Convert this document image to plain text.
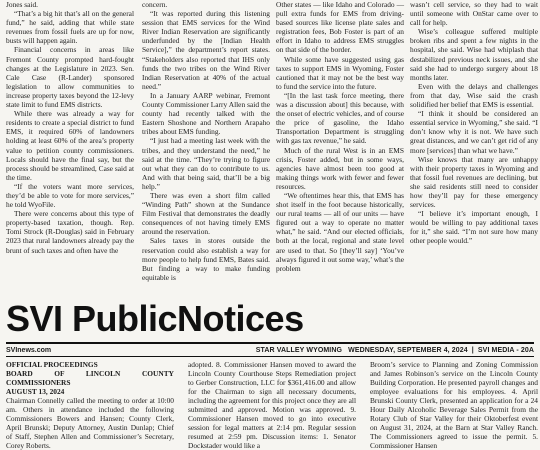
Jones said.

“That’s a big hit that’s all on the general fund,” he said, adding that while state revenues from fossil fuels are up for now, busts will happen again.

Financial concerns in areas like Fremont County prompted hard-fought changes at the Legislature in 2023. Sen. Cale Case (R-Lander) sponsored legislation to allow communities to increase property taxes beyond the 12-levy state limit to fund EMS districts.

While there was already a way for residents to create a special district to fund EMS, it required 60% of landowners holding at least 60% of the area’s property value to petition county commissioners. Locals should have the final say, but the process should be streamlined, Case said at the time.

“If the voters want more services, they’d be able to vote for more services,” he told WyoFile.

There were concerns about this type of property-based taxation, though. Rep. Tomi Strock (R-Douglas) said in February 2023 that rural landowners already pay the brunt of such taxes and often have the

concern.

“It was reported during this listening session that EMS services for the Wind River Indian Reservation are significantly underfunded by the [Indian Health Service],” the department’s report states. “Stakeholders also reported that IHS only funds the two tribes on the Wind River Indian Reservation at 40% of the actual need.”

In a January AARP webinar, Fremont County Commissioner Larry Allen said the county had recently talked with the Eastern Shoshone and Northern Arapaho tribes about EMS funding.

“I just had a meeting last week with the tribes, and they understand the need,” he said at the time. “They’re trying to figure out what they can do to contribute to us. And with that being said, that’ll be a big help.”

There was even a short film called “Winding Path” shown at the Sundance Film Festival that demonstrates the deadly consequences of not having timely EMS around the reservation.

Sales taxes in stores outside the reservation could also establish a way for more people to help fund EMS, Bates said. But finding a way to make funding equitable is

Other states — like Idaho and Colorado — pull extra funds for EMS from driving-based sources like license plate sales and registration fees, Bob Foster is part of an effort in Idaho to address EMS struggles on that side of the border.

While some have suggested using gas taxes to support EMS in Wyoming, Foster cautioned that it may not be the best way to fund the service into the future.

“[In the last task force meeting, there was a discussion about] this because, with the onset of electric vehicles, and of course the price of gasoline, the Idaho Transportation Department is struggling with gas tax revenue,” he said.

Much of the rural West is in an EMS crisis, Foster added, but in some ways, agencies have almost been too good at making things work with fewer and fewer resources.

“We oftentimes hear this, that EMS has shot itself in the foot because historically, our rural teams — all of our units — have figured out a way to operate no matter what,” he said. “And our elected officials, both at the local, regional and state level are used to that. So [they’ll say] ‘You’ve always figured it out some way,’ what’s the problem

wasn’t cell service, so they had to wait until someone with OnStar came over to call for help.

Wise’s colleague suffered multiple broken ribs and spent a few nights in the hospital, she said. Wise had whiplash that destabilized previous neck issues, and she said she had to undergo surgery about 18 months later.

Even with the delays and challenges from that day, Wise said the crash solidified her belief that EMS is essential.

“I think it should be considered an essential service in Wyoming,” she said. “I don’t know why it is not. We have such great distances, and we can’t get rid of any more [services] than what we have.”

Wise knows that many are unhappy with their property taxes in Wyoming and that fossil fuel revenues are declining, but she said residents still need to consider how they’ll pay for these emergency services.

“I believe it’s important enough, I would be willing to pay additional taxes for it,” she said. “I’m not sure how many other people would.”

SVI PublicNotices
SVInews.com	STAR VALLEY WYOMING WEDNESDAY, SEPTEMBER 4, 2024 | SVI MEDIA - 20A

OFFICIAL PROCEEDINGS

BOARD OF LINCOLN COUNTY COMMISSIONERS

AUGUST 13, 2024

Chairman Connelly called the meeting to order at 10:00 am. Others in attendance included the following Commissioners Bowers and Hansen; County Clerk, April Brunski; Deputy Attorney, Austin Dunlap; Chief of Staff, Stephen Allen and Commissioner’s Secretary, Corey Roberts.

adopted. 8. Commissioner Hansen moved to award the Lincoln County Courthouse Steps Remediation project to Gerber Construction, LLC for $361,416.00 and allow for the Chairman to sign all necessary documents, including the agreement for this project once they are all submitted and approved. Motion was approved. 9. Commissioner Hansen moved to go into executive session for legal matters at 2:14 pm. Regular session resumed at 2:59 pm. Discussion items: 1. Senator Dockstader would like a

Broom’s service to Planning and Zoning Commission and James Robinson’s service on the Lincoln County Building Corporation. He presented payroll changes and employee evaluations for his employees. 4. April Brunski County Clerk, presented an application for a 24 Hour Daily Alcoholic Beverage Sales Permit from the Rotary Club of Star Valley for their Oktoberfest event on August 31, 2024, at the Barn at Star Valley Ranch. The Commissioners agreed to issue the permit. 5. Commissioner Hansen
